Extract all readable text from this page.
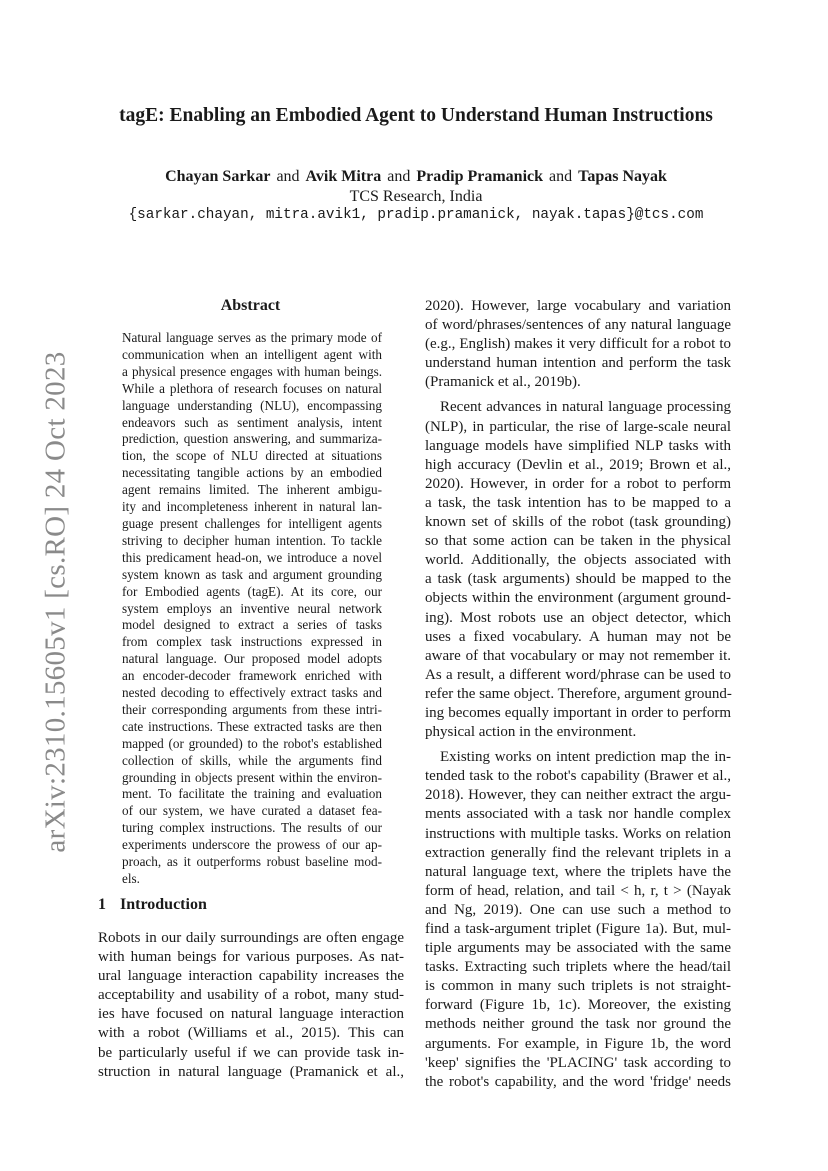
arXiv:2310.15605v1 [cs.RO] 24 Oct 2023
tagE: Enabling an Embodied Agent to Understand Human Instructions
Chayan Sarkar and Avik Mitra and Pradip Pramanick and Tapas Nayak
TCS Research, India
{sarkar.chayan, mitra.avik1, pradip.pramanick, nayak.tapas}@tcs.com
Abstract
Natural language serves as the primary mode of
communication when an intelligent agent with
a physical presence engages with human beings.
While a plethora of research focuses on natural
language understanding (NLU), encompassing
endeavors such as sentiment analysis, intent
prediction, question answering, and summariza-
tion, the scope of NLU directed at situations
necessitating tangible actions by an embodied
agent remains limited. The inherent ambigu-
ity and incompleteness inherent in natural lan-
guage present challenges for intelligent agents
striving to decipher human intention. To tackle
this predicament head-on, we introduce a novel
system known as task and argument grounding
for Embodied agents (tagE). At its core, our
system employs an inventive neural network
model designed to extract a series of tasks
from complex task instructions expressed in
natural language. Our proposed model adopts
an encoder-decoder framework enriched with
nested decoding to effectively extract tasks and
their corresponding arguments from these intri-
cate instructions. These extracted tasks are then
mapped (or grounded) to the robot's established
collection of skills, while the arguments find
grounding in objects present within the environ-
ment. To facilitate the training and evaluation
of our system, we have curated a dataset fea-
turing complex instructions. The results of our
experiments underscore the prowess of our ap-
proach, as it outperforms robust baseline mod-
els.
1 Introduction
Robots in our daily surroundings are often engage
with human beings for various purposes. As nat-
ural language interaction capability increases the
acceptability and usability of a robot, many stud-
ies have focused on natural language interaction
with a robot (Williams et al., 2015). This can
be particularly useful if we can provide task in-
struction in natural language (Pramanick et al.,
2020). However, large vocabulary and variation
of word/phrases/sentences of any natural language
(e.g., English) makes it very difficult for a robot to
understand human intention and perform the task
(Pramanick et al., 2019b).
Recent advances in natural language processing
(NLP), in particular, the rise of large-scale neural
language models have simplified NLP tasks with
high accuracy (Devlin et al., 2019; Brown et al.,
2020). However, in order for a robot to perform
a task, the task intention has to be mapped to a
known set of skills of the robot (task grounding)
so that some action can be taken in the physical
world. Additionally, the objects associated with
a task (task arguments) should be mapped to the
objects within the environment (argument ground-
ing). Most robots use an object detector, which
uses a fixed vocabulary. A human may not be
aware of that vocabulary or may not remember it.
As a result, a different word/phrase can be used to
refer the same object. Therefore, argument ground-
ing becomes equally important in order to perform
physical action in the environment.
Existing works on intent prediction map the in-
tended task to the robot's capability (Brawer et al.,
2018). However, they can neither extract the argu-
ments associated with a task nor handle complex
instructions with multiple tasks. Works on relation
extraction generally find the relevant triplets in a
natural language text, where the triplets have the
form of head, relation, and tail < h, r, t > (Nayak
and Ng, 2019). One can use such a method to
find a task-argument triplet (Figure 1a). But, mul-
tiple arguments may be associated with the same
tasks. Extracting such triplets where the head/tail
is common in many such triplets is not straight-
forward (Figure 1b, 1c). Moreover, the existing
methods neither ground the task nor ground the
arguments. For example, in Figure 1b, the word
'keep' signifies the 'PLACING' task according to
the robot's capability, and the word 'fridge' needs
